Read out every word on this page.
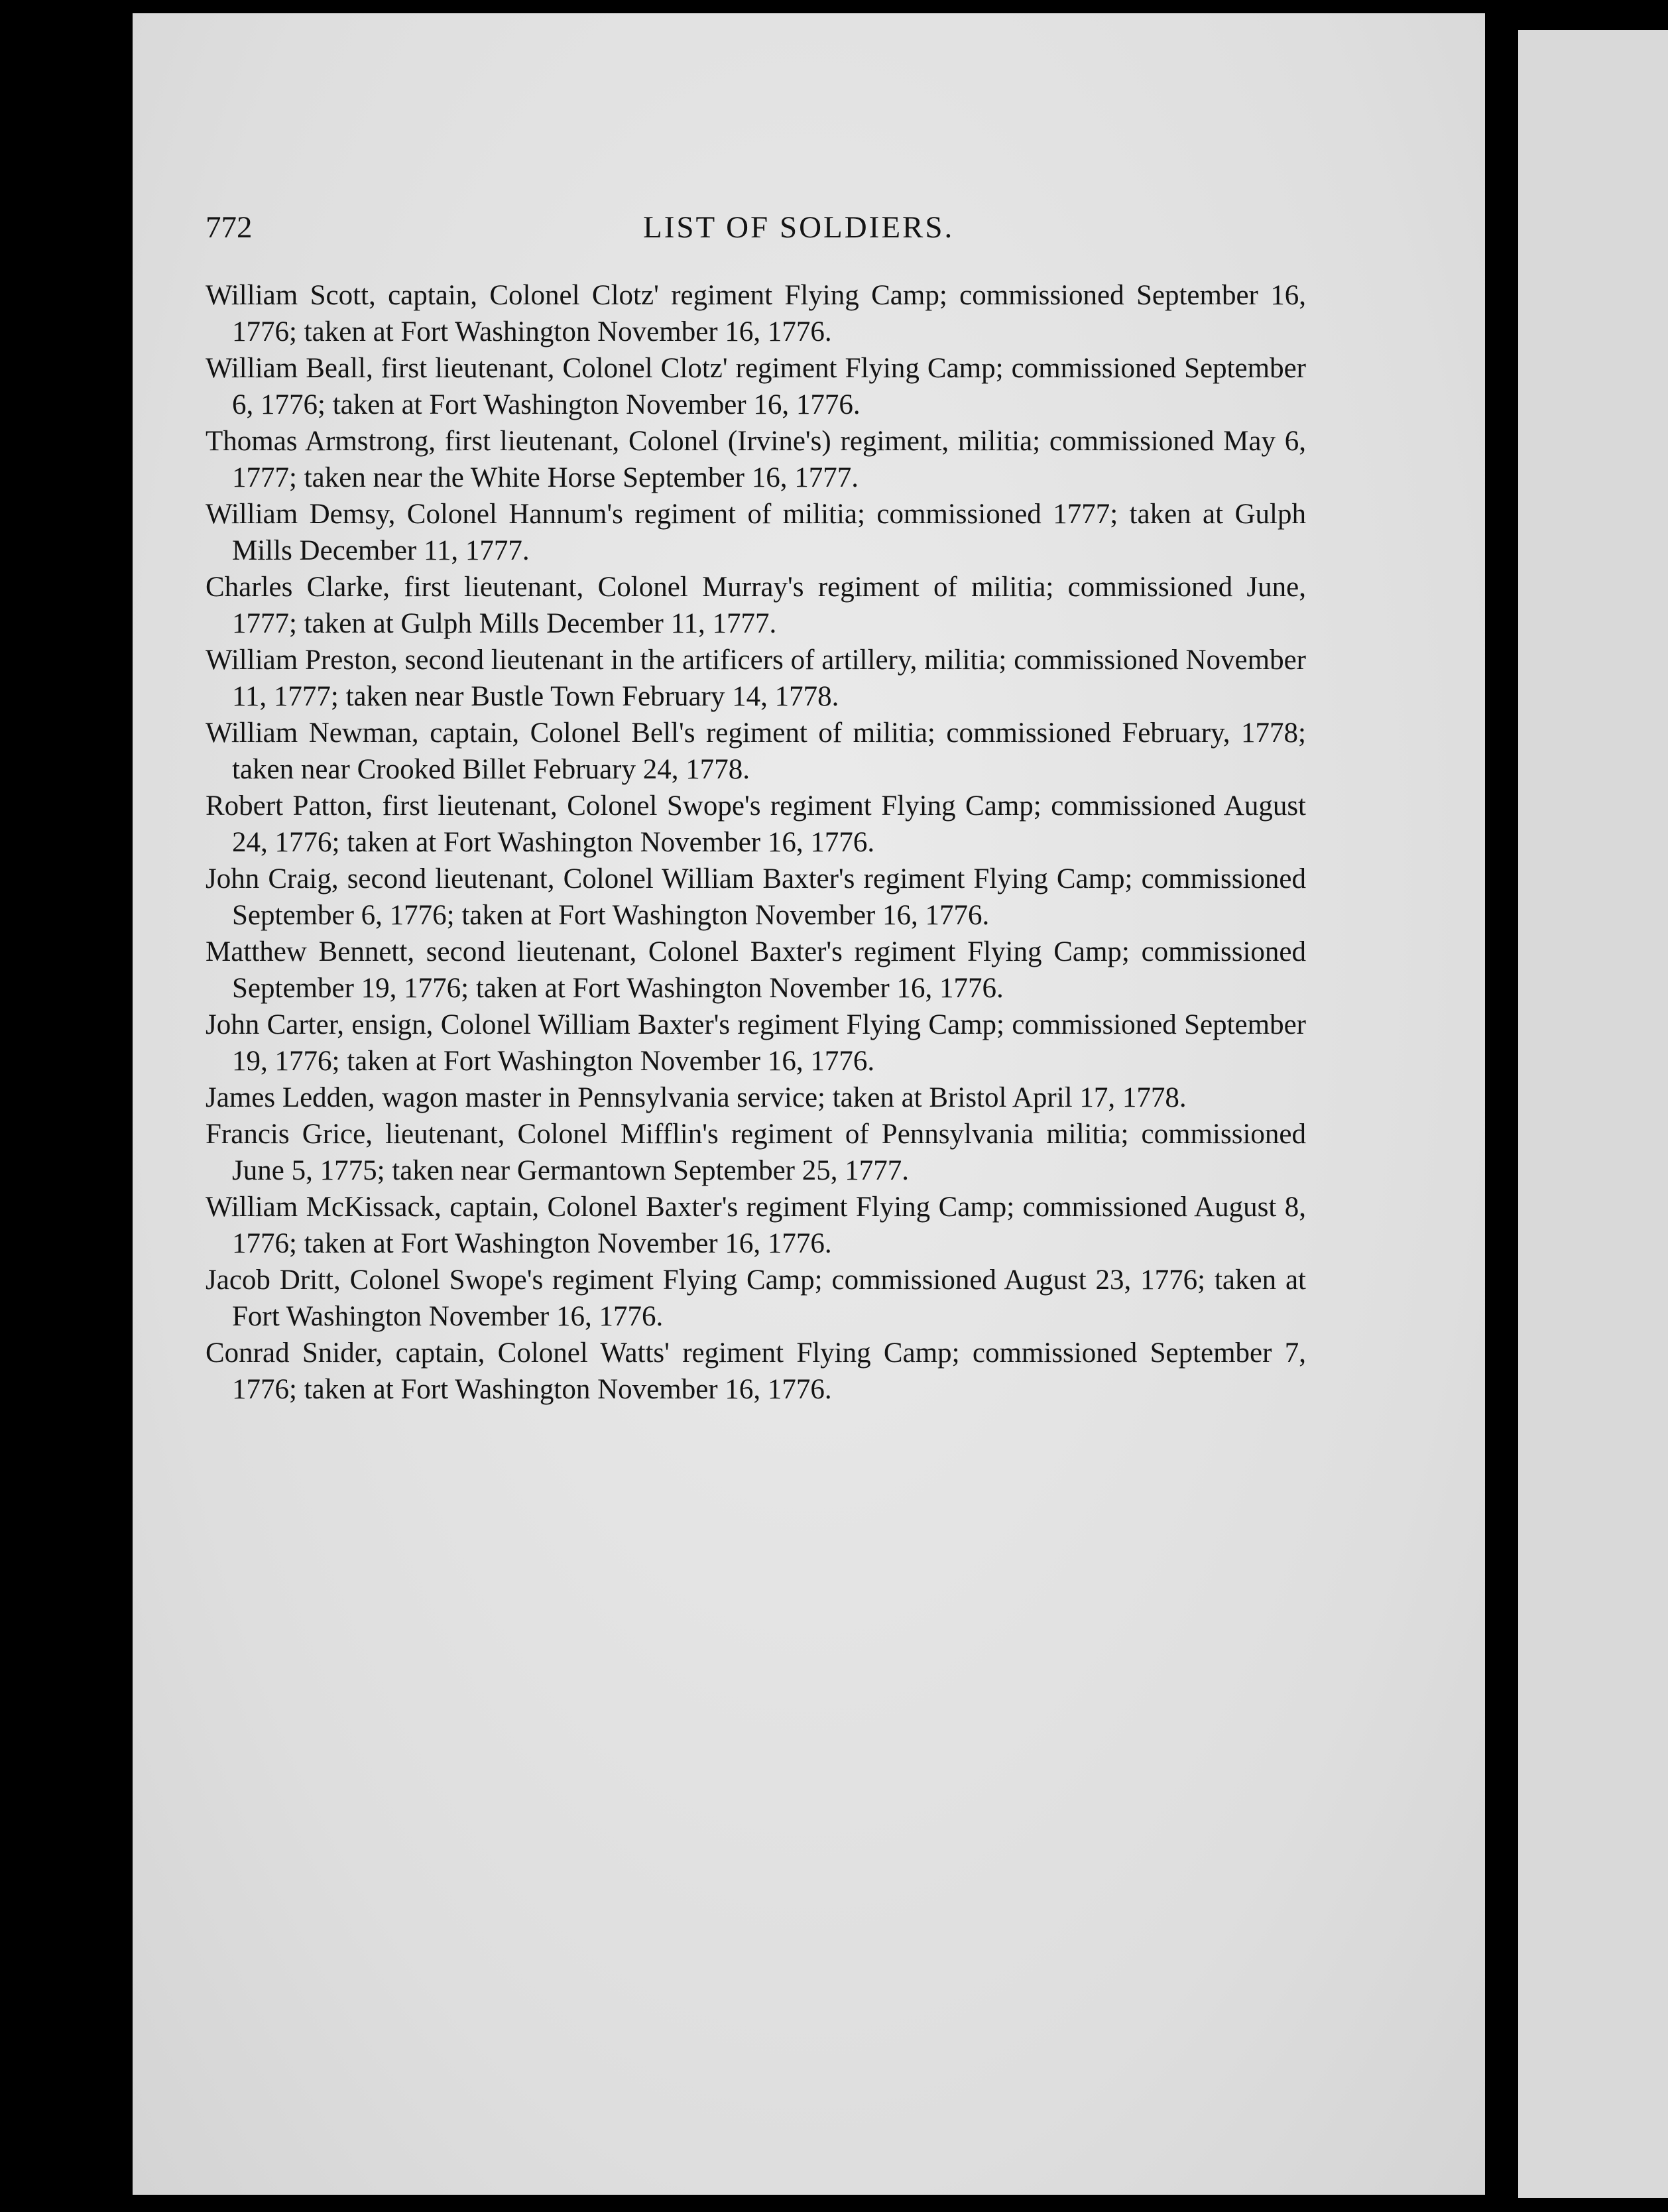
772	LIST OF SOLDIERS.

William Scott, captain, Colonel Clotz' regiment Flying Camp; commissioned September 16, 1776; taken at Fort Washington November 16, 1776.

William Beall, first lieutenant, Colonel Clotz' regiment Flying Camp; commissioned September 6, 1776; taken at Fort Washington November 16, 1776.

Thomas Armstrong, first lieutenant, Colonel (Irvine's) regiment, militia; commissioned May 6, 1777; taken near the White Horse September 16, 1777.

William Demsy, Colonel Hannum's regiment of militia; commissioned 1777; taken at Gulph Mills December 11, 1777.

Charles Clarke, first lieutenant, Colonel Murray's regiment of militia; commissioned June, 1777; taken at Gulph Mills December 11, 1777.

William Preston, second lieutenant in the artificers of artillery, militia; commissioned November 11, 1777; taken near Bustle Town February 14, 1778.

William Newman, captain, Colonel Bell's regiment of militia; commissioned February, 1778; taken near Crooked Billet February 24, 1778.

Robert Patton, first lieutenant, Colonel Swope's regiment Flying Camp; commissioned August 24, 1776; taken at Fort Washington November 16, 1776.

John Craig, second lieutenant, Colonel William Baxter's regiment Flying Camp; commissioned September 6, 1776; taken at Fort Washington November 16, 1776.

Matthew Bennett, second lieutenant, Colonel Baxter's regiment Flying Camp; commissioned September 19, 1776; taken at Fort Washington November 16, 1776.

John Carter, ensign, Colonel William Baxter's regiment Flying Camp; commissioned September 19, 1776; taken at Fort Washington November 16, 1776.

James Ledden, wagon master in Pennsylvania service; taken at Bristol April 17, 1778.

Francis Grice, lieutenant, Colonel Mifflin's regiment of Pennsylvania militia; commissioned June 5, 1775; taken near Germantown September 25, 1777.

William McKissack, captain, Colonel Baxter's regiment Flying Camp; commissioned August 8, 1776; taken at Fort Washington November 16, 1776.

Jacob Dritt, Colonel Swope's regiment Flying Camp; commissioned August 23, 1776; taken at Fort Washington November 16, 1776.

Conrad Snider, captain, Colonel Watts' regiment Flying Camp; commissioned September 7, 1776; taken at Fort Washington November 16, 1776.
